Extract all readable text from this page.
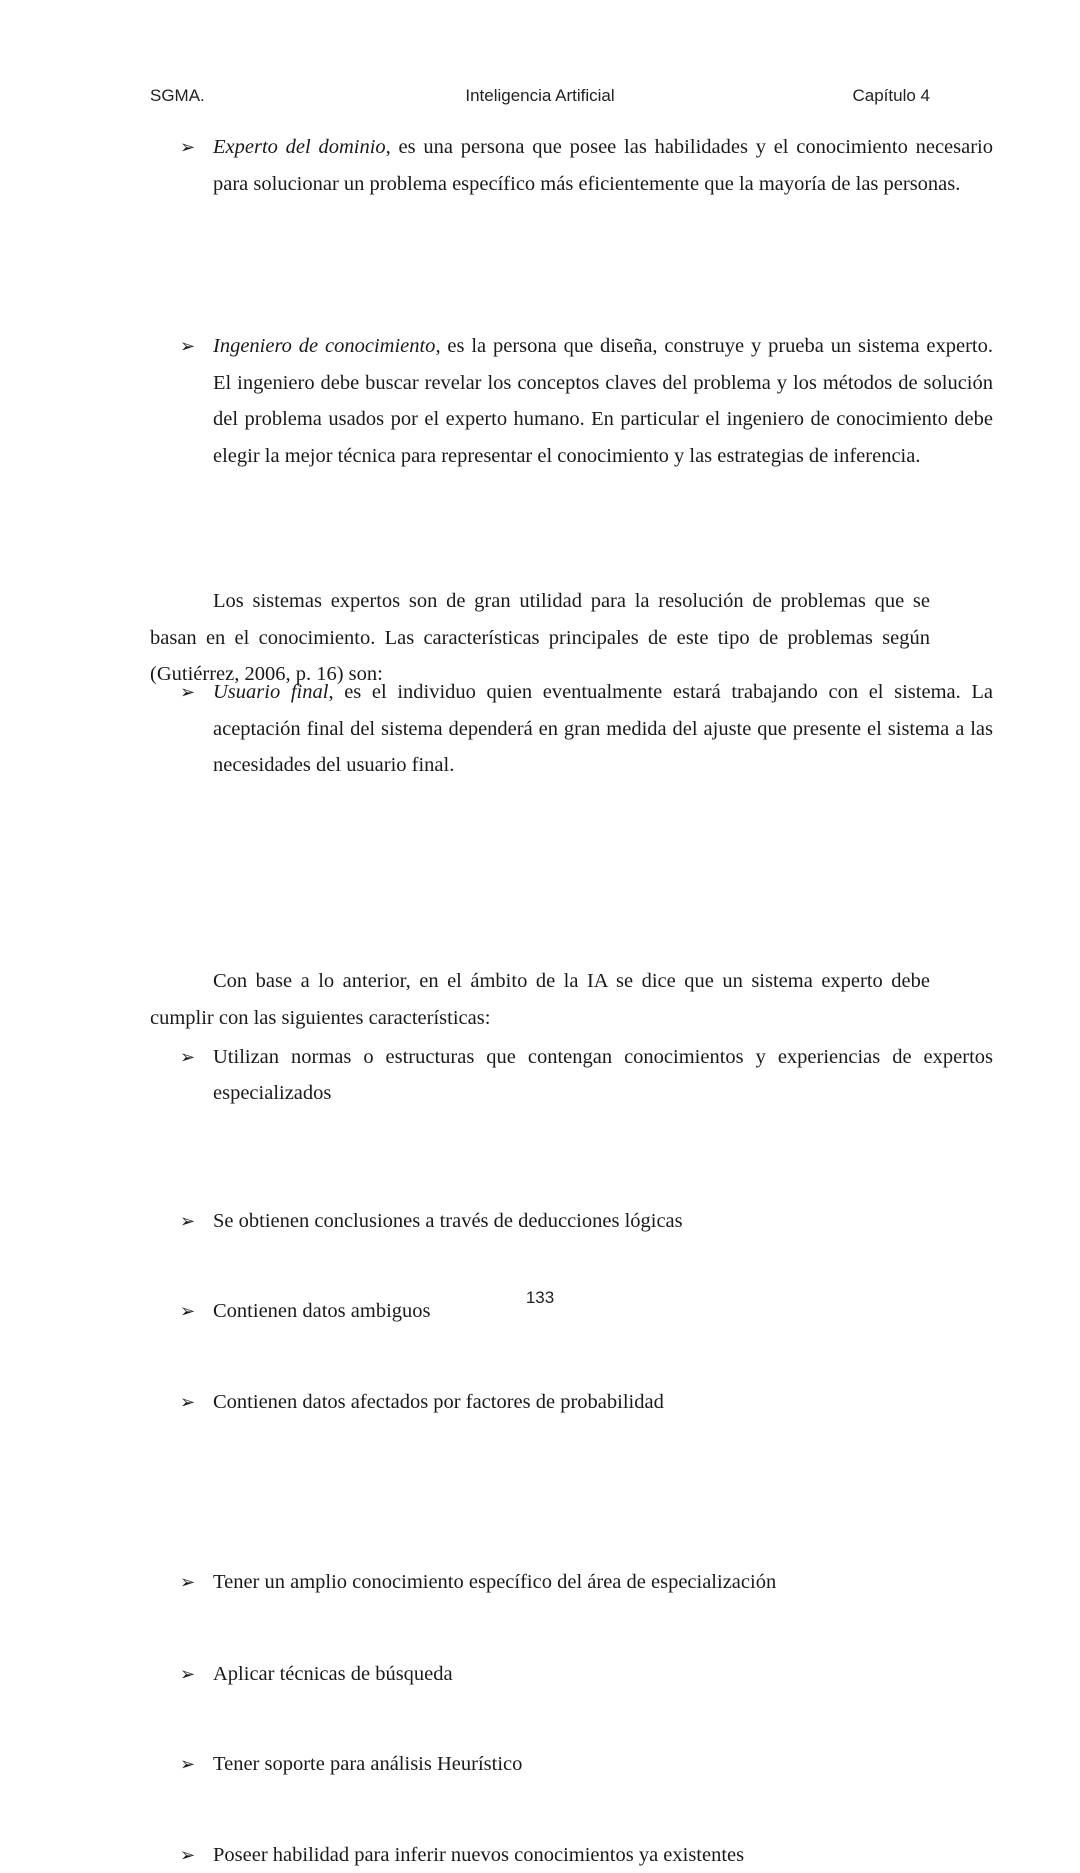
SGMA.	Inteligencia Artificial	Capítulo 4
➢ Experto del dominio, es una persona que posee las habilidades y el conocimiento necesario para solucionar un problema específico más eficientemente que la mayoría de las personas.
➢ Ingeniero de conocimiento, es la persona que diseña, construye y prueba un sistema experto. El ingeniero debe buscar revelar los conceptos claves del problema y los métodos de solución del problema usados por el experto humano. En particular el ingeniero de conocimiento debe elegir la mejor técnica para representar el conocimiento y las estrategias de inferencia.
➢ Usuario final, es el individuo quien eventualmente estará trabajando con el sistema. La aceptación final del sistema dependerá en gran medida del ajuste que presente el sistema a las necesidades del usuario final.
Los sistemas expertos son de gran utilidad para la resolución de problemas que se basan en el conocimiento. Las características principales de este tipo de problemas según (Gutiérrez, 2006, p. 16) son:
➢ Utilizan normas o estructuras que contengan conocimientos y experiencias de expertos especializados
➢ Se obtienen conclusiones a través de deducciones lógicas
➢ Contienen datos ambiguos
➢ Contienen datos afectados por factores de probabilidad
Con base a lo anterior, en el ámbito de la IA se dice que un sistema experto debe cumplir con las siguientes características:
➢ Tener un amplio conocimiento específico del área de especialización
➢ Aplicar técnicas de búsqueda
➢ Tener soporte para análisis Heurístico
➢ Poseer habilidad para inferir nuevos conocimientos ya existentes
133
